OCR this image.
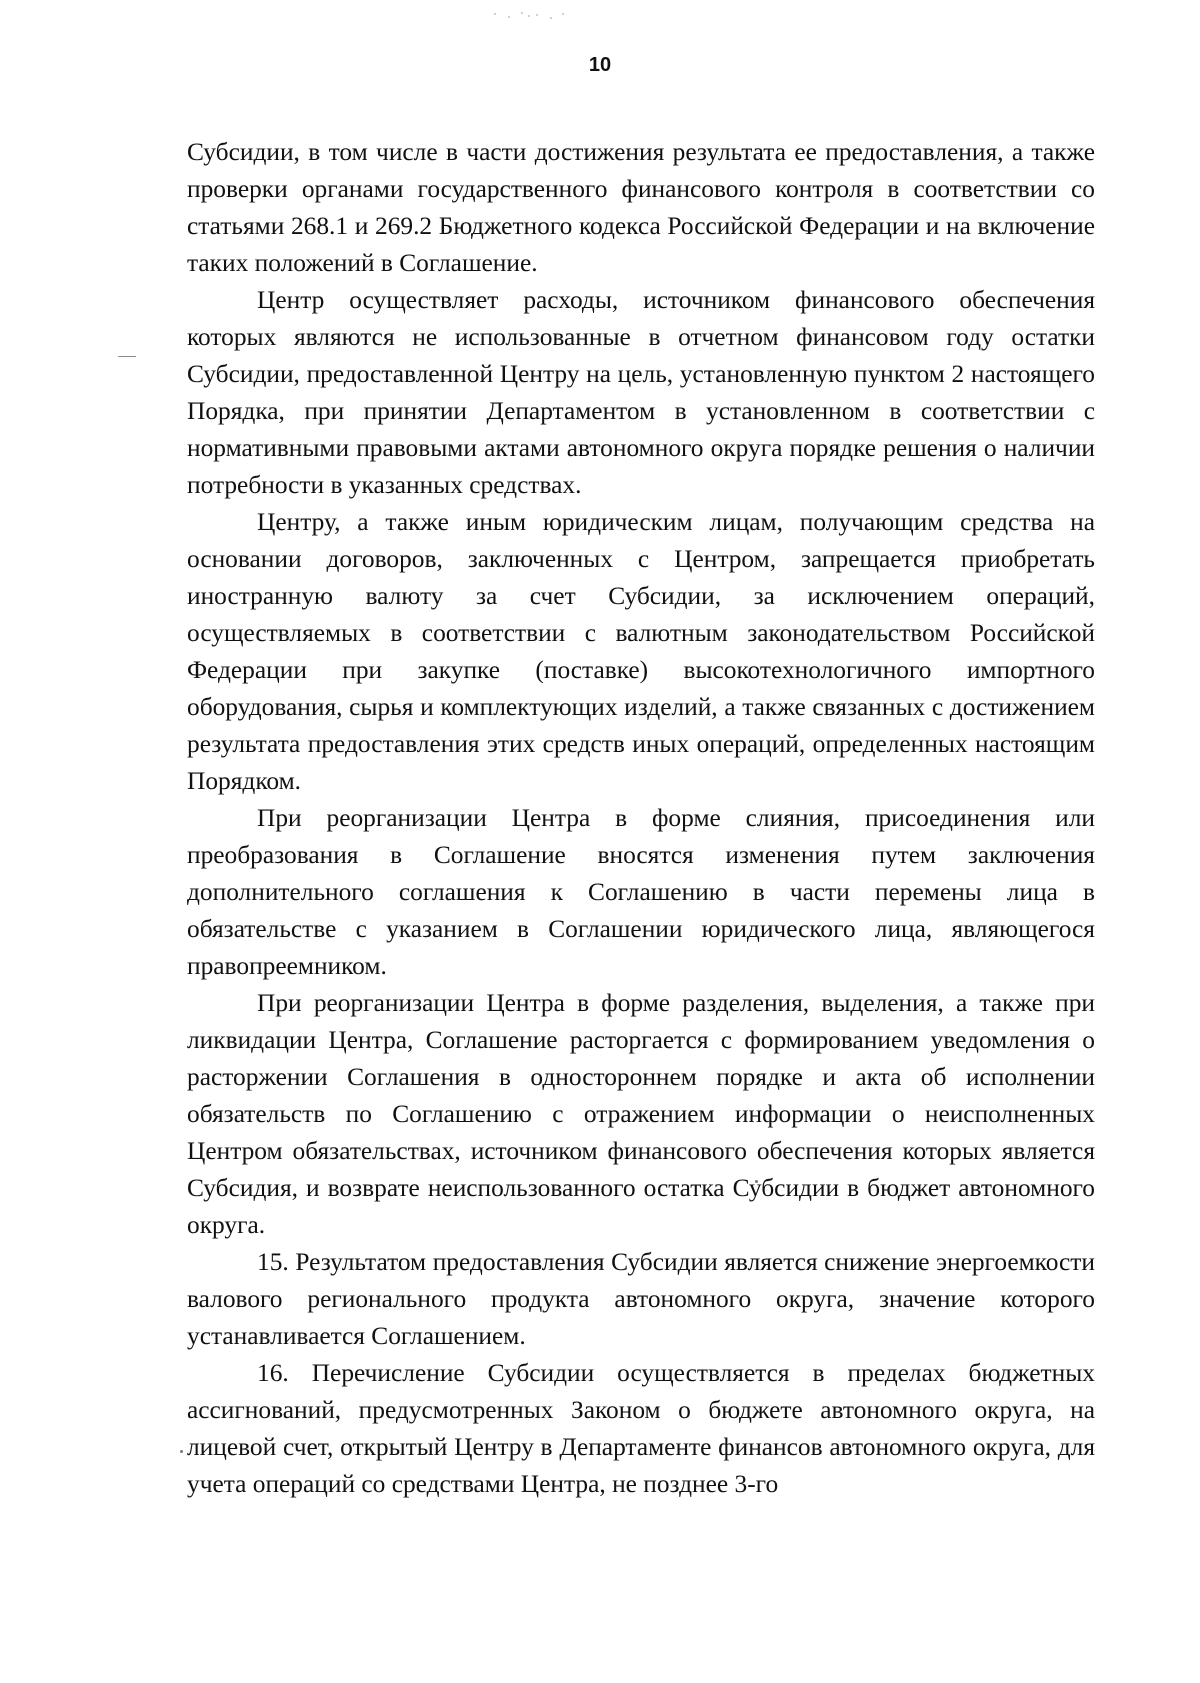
10

Субсидии, в том числе в части достижения результата ее предоставления, а также проверки органами государственного финансового контроля в соответствии со статьями 268.1 и 269.2 Бюджетного кодекса Российской Федерации и на включение таких положений в Соглашение.

Центр осуществляет расходы, источником финансового обеспечения которых являются не использованные в отчетном финансовом году остатки Субсидии, предоставленной Центру на цель, установленную пунктом 2 настоящего Порядка, при принятии Департаментом в установленном в соответствии с нормативными правовыми актами автономного округа порядке решения о наличии потребности в указанных средствах.

Центру, а также иным юридическим лицам, получающим средства на основании договоров, заключенных с Центром, запрещается приобретать иностранную валюту за счет Субсидии, за исключением операций, осуществляемых в соответствии с валютным законодательством Российской Федерации при закупке (поставке) высокотехнологичного импортного оборудования, сырья и комплектующих изделий, а также связанных с достижением результата предоставления этих средств иных операций, определенных настоящим Порядком.

При реорганизации Центра в форме слияния, присоединения или преобразования в Соглашение вносятся изменения путем заключения дополнительного соглашения к Соглашению в части перемены лица в обязательстве с указанием в Соглашении юридического лица, являющегося правопреемником.

При реорганизации Центра в форме разделения, выделения, а также при ликвидации Центра, Соглашение расторгается с формированием уведомления о расторжении Соглашения в одностороннем порядке и акта об исполнении обязательств по Соглашению с отражением информации о неисполненных Центром обязательствах, источником финансового обеспечения которых является Субсидия, и возврате неиспользованного остатка Субсидии в бюджет автономного округа.

15. Результатом предоставления Субсидии является снижение энергоемкости валового регионального продукта автономного округа, значение которого устанавливается Соглашением.

16. Перечисление Субсидии осуществляется в пределах бюджетных ассигнований, предусмотренных Законом о бюджете автономного округа, на лицевой счет, открытый Центру в Департаменте финансов автономного округа, для учета операций со средствами Центра, не позднее 3-го
